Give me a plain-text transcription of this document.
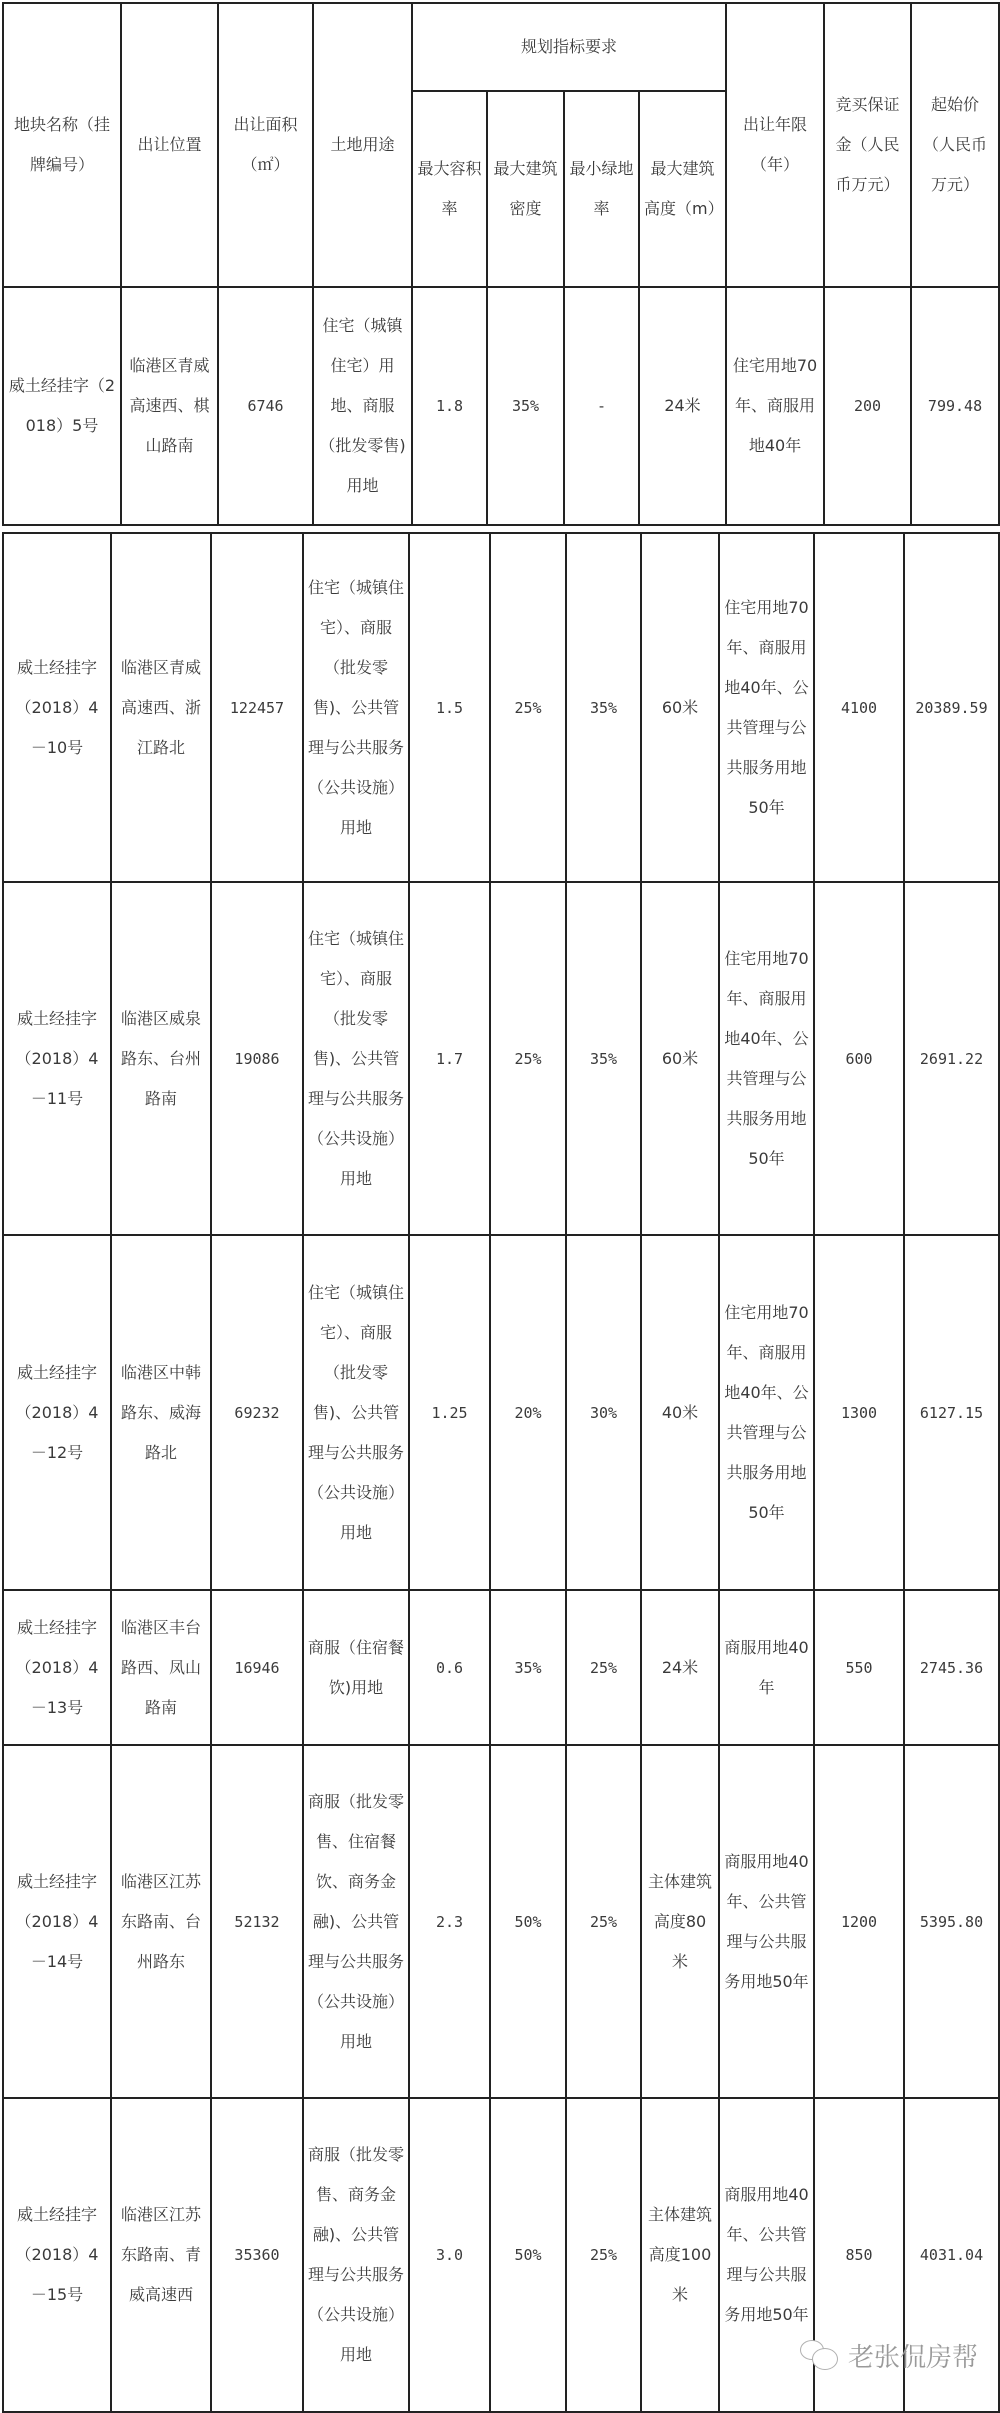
地块名称（挂牌编号）	出让位置	出让面积（㎡）	土地用途	规划指标要求				出让年限（年）	竞买保证金（人民币万元）	起始价（人民币万元）
				最大容积率	最大建筑密度	最小绿地率	最大建筑高度（m）			
威土经挂字（2018）5号	临港区青威高速西、棋山路南	6746	住宅（城镇住宅）用地、商服（批发零售)用地	1.8	35%	-	24米	住宅用地70年、商服用地40年	200	799.48
威土经挂字（2018）4－10号	临港区青威高速西、浙江路北	122457	住宅（城镇住宅）、商服（批发零售)、公共管理与公共服务（公共设施）用地	1.5	25%	35%	60米	住宅用地70年、商服用地40年、公共管理与公共服务用地50年	4100	20389.59
威土经挂字（2018）4－11号	临港区威泉路东、台州路南	19086	住宅（城镇住宅）、商服（批发零售)、公共管理与公共服务（公共设施）用地	1.7	25%	35%	60米	住宅用地70年、商服用地40年、公共管理与公共服务用地50年	600	2691.22
威土经挂字（2018）4－12号	临港区中韩路东、威海路北	69232	住宅（城镇住宅）、商服（批发零售)、公共管理与公共服务（公共设施）用地	1.25	20%	30%	40米	住宅用地70年、商服用地40年、公共管理与公共服务用地50年	1300	6127.15
威土经挂字（2018）4－13号	临港区丰台路西、凤山路南	16946	商服（住宿餐饮)用地	0.6	35%	25%	24米	商服用地40年	550	2745.36
威土经挂字（2018）4－14号	临港区江苏东路南、台州路东	52132	商服（批发零售、住宿餐饮、商务金融)、公共管理与公共服务（公共设施）用地	2.3	50%	25%	主体建筑高度80米	商服用地40年、公共管理与公共服务用地50年	1200	5395.80
威土经挂字（2018）4－15号	临港区江苏东路南、青威高速西	35360	商服（批发零售、商务金融)、公共管理与公共服务（公共设施）用地	3.0	50%	25%	主体建筑高度100米	商服用地40年、公共管理与公共服务用地50年	850	4031.04
老张侃房帮
